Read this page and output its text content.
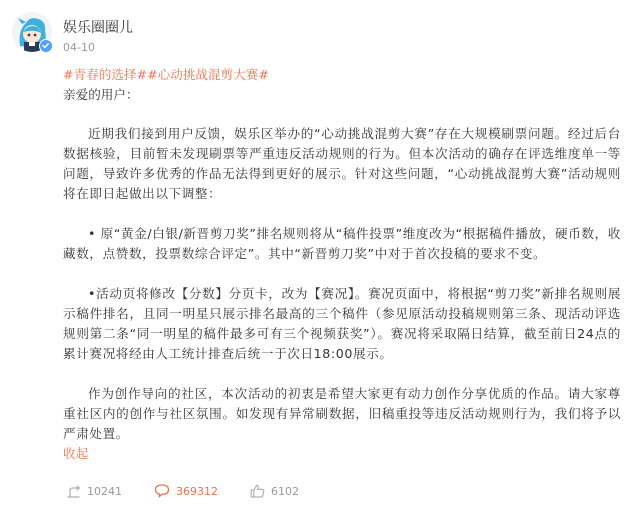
娱乐圈圈儿
04-10

#青春的选择##心动挑战混剪大赛#

亲爱的用户：

近期我们接到用户反馈，娱乐区举办的“心动挑战混剪大赛”存在大规模刷票问题。经过后台数据核验，目前暂未发现刷票等严重违反活动规则的行为。但本次活动的确存在评选维度单一等问题，导致许多优秀的作品无法得到更好的展示。针对这些问题，“心动挑战混剪大赛”活动规则将在即日起做出以下调整：

• 原“黄金/白银/新晋剪刀奖”排名规则将从“稿件投票”维度改为“根据稿件播放，硬币数，收藏数，点赞数，投票数综合评定”。其中“新晋剪刀奖”中对于首次投稿的要求不变。

•活动页将修改【分数】分页卡，改为【赛况】。赛况页面中，将根据“剪刀奖”新排名规则展示稿件排名，且同一明星只展示排名最高的三个稿件（参见原活动投稿规则第三条、现活动评选规则第二条“同一明星的稿件最多可有三个视频获奖”）。赛况将采取隔日结算，截至前日24点的累计赛况将经由人工统计排查后统一于次日18:00展示。

作为创作导向的社区，本次活动的初衷是希望大家更有动力创作分享优质的作品。请大家尊重社区内的创作与社区氛围。如发现有异常刷数据，旧稿重投等违反活动规则行为，我们将予以严肃处置。

收起

10241	369312	6102
